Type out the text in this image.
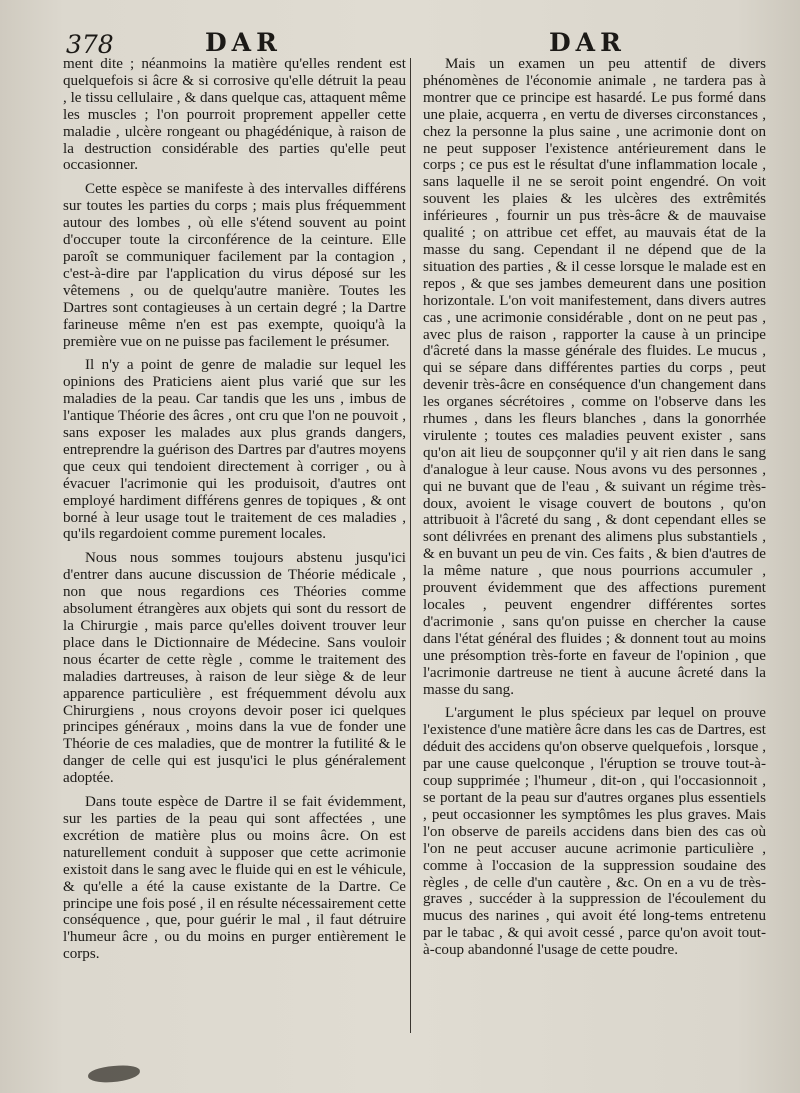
378	DAR	DAR

ment dite ; néanmoins la matière qu'elles rendent est quelquefois si âcre & si corrosive qu'elle détruit la peau , le tissu cellulaire , & dans quelque cas, attaquent même les muscles ; l'on pourroit proprement appeller cette maladie , ulcère rongeant ou phagédénique, à raison de la destruction considérable des parties qu'elle peut occasionner.

Cette espèce se manifeste à des intervalles différens sur toutes les parties du corps ; mais plus fréquemment autour des lombes , où elle s'étend souvent au point d'occuper toute la circonférence de la ceinture. Elle paroît se communiquer facilement par la contagion , c'est-à-dire par l'application du virus déposé sur les vêtemens , ou de quelqu'autre manière. Toutes les Dartres sont contagieuses à un certain degré ; la Dartre farineuse même n'en est pas exempte, quoiqu'à la première vue on ne puisse pas facilement le présumer.

Il n'y a point de genre de maladie sur lequel les opinions des Praticiens aient plus varié que sur les maladies de la peau. Car tandis que les uns , imbus de l'antique Théorie des âcres , ont cru que l'on ne pouvoit , sans exposer les malades aux plus grands dangers, entreprendre la guérison des Dartres par d'autres moyens que ceux qui tendoient directement à corriger , ou à évacuer l'acrimonie qui les produisoit, d'autres ont employé hardiment différens genres de topiques , & ont borné à leur usage tout le traitement de ces maladies , qu'ils regardoient comme purement locales.

Nous nous sommes toujours abstenu jusqu'ici d'entrer dans aucune discussion de Théorie médicale , non que nous regardions ces Théories comme absolument étrangères aux objets qui sont du ressort de la Chirurgie , mais parce qu'elles doivent trouver leur place dans le Dictionnaire de Médecine. Sans vouloir nous écarter de cette règle , comme le traitement des maladies dartreuses, à raison de leur siège & de leur apparence particulière , est fréquemment dévolu aux Chirurgiens , nous croyons devoir poser ici quelques principes généraux , moins dans la vue de fonder une Théorie de ces maladies, que de montrer la futilité & le danger de celle qui est jusqu'ici le plus généralement adoptée.

Dans toute espèce de Dartre il se fait évidemment, sur les parties de la peau qui sont affectées , une excrétion de matière plus ou moins âcre. On est naturellement conduit à supposer que cette acrimonie existoit dans le sang avec le fluide qui en est le véhicule, & qu'elle a été la cause existante de la Dartre. Ce principe une fois posé , il en résulte nécessairement cette conséquence , que, pour guérir le mal , il faut détruire l'humeur âcre , ou du moins en purger entièrement le corps.

Mais un examen un peu attentif de divers phénomènes de l'économie animale , ne tardera pas à montrer que ce principe est hasardé. Le pus formé dans une plaie, acquerra , en vertu de diverses circonstances , chez la personne la plus saine , une acrimonie dont on ne peut supposer l'existence antérieurement dans le corps ; ce pus est le résultat d'une inflammation locale , sans laquelle il ne se seroit point engendré. On voit souvent les plaies & les ulcères des extrêmités inférieures , fournir un pus très-âcre & de mauvaise qualité ; on attribue cet effet, au mauvais état de la masse du sang. Cependant il ne dépend que de la situation des parties , & il cesse lorsque le malade est en repos , & que ses jambes demeurent dans une position horizontale. L'on voit manifestement, dans divers autres cas , une acrimonie considérable , dont on ne peut pas , avec plus de raison , rapporter la cause à un principe d'âcreté dans la masse générale des fluides. Le mucus , qui se sépare dans différentes parties du corps , peut devenir très-âcre en conséquence d'un changement dans les organes sécrétoires , comme on l'observe dans les rhumes , dans les fleurs blanches , dans la gonorrhée virulente ; toutes ces maladies peuvent exister , sans qu'on ait lieu de soupçonner qu'il y ait rien dans le sang d'analogue à leur cause. Nous avons vu des personnes , qui ne buvant que de l'eau , & suivant un régime très-doux, avoient le visage couvert de boutons , qu'on attribuoit à l'âcreté du sang , & dont cependant elles se sont délivrées en prenant des alimens plus substantiels , & en buvant un peu de vin. Ces faits , & bien d'autres de la même nature , que nous pourrions accumuler , prouvent évidemment que des affections purement locales , peuvent engendrer différentes sortes d'acrimonie , sans qu'on puisse en chercher la cause dans l'état général des fluides ; & donnent tout au moins une présomption très-forte en faveur de l'opinion , que l'acrimonie dartreuse ne tient à aucune âcreté dans la masse du sang.

L'argument le plus spécieux par lequel on prouve l'existence d'une matière âcre dans les cas de Dartres, est déduit des accidens qu'on observe quelquefois , lorsque , par une cause quelconque , l'éruption se trouve tout-à-coup supprimée ; l'humeur , dit-on , qui l'occasionnoit , se portant de la peau sur d'autres organes plus essentiels , peut occasionner les symptômes les plus graves. Mais l'on observe de pareils accidens dans bien des cas où l'on ne peut accuser aucune acrimonie particulière , comme à l'occasion de la suppression soudaine des règles , de celle d'un cautère , &c. On en a vu de très-graves , succéder à la suppression de l'écoulement du mucus des narines , qui avoit été long-tems entretenu par le tabac , & qui avoit cessé , parce qu'on avoit tout-à-coup abandonné l'usage de cette poudre.
